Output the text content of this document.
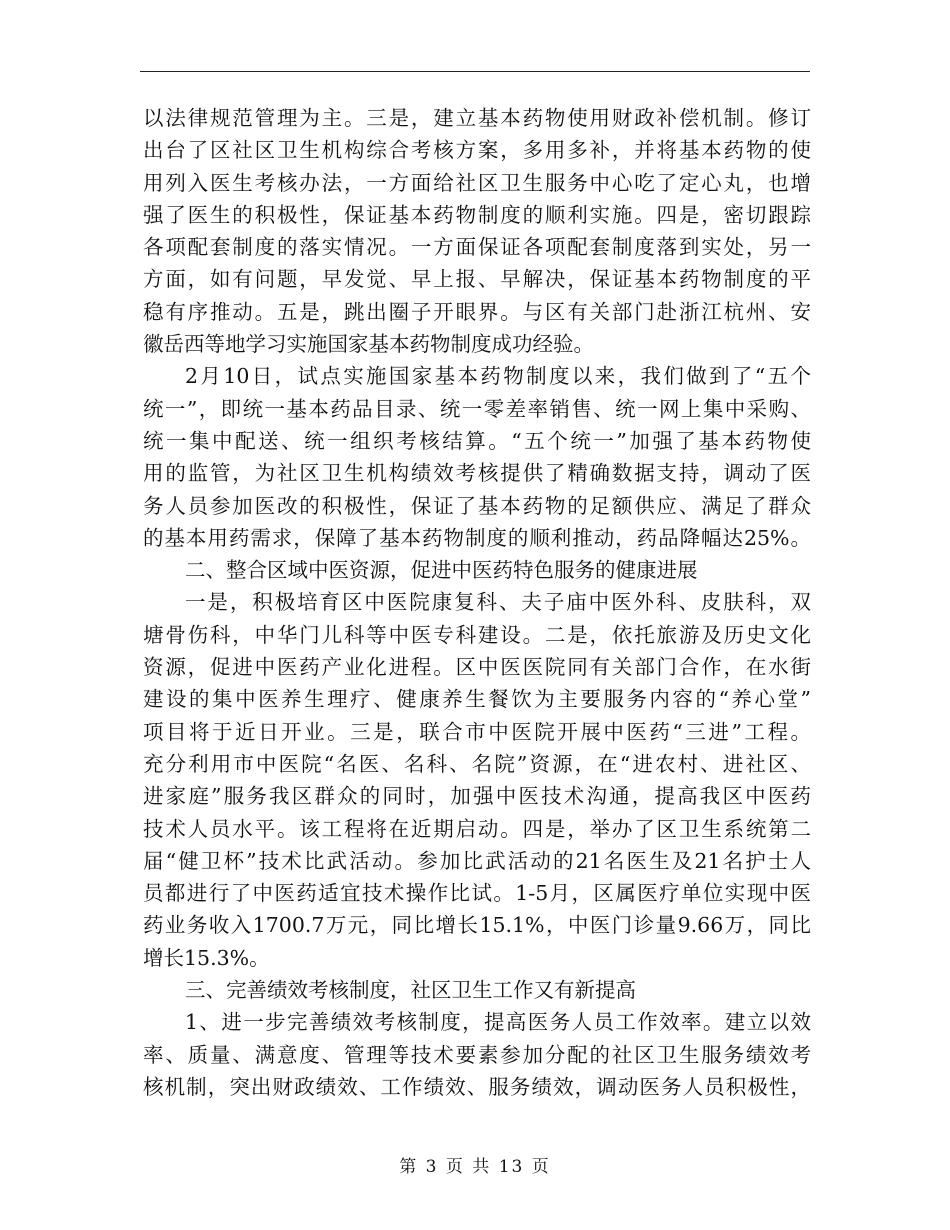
以法律规范管理为主。三是，建立基本药物使用财政补偿机制。修订
出台了区社区卫生机构综合考核方案，多用多补，并将基本药物的使
用列入医生考核办法，一方面给社区卫生服务中心吃了定心丸，也增
强了医生的积极性，保证基本药物制度的顺利实施。四是，密切跟踪
各项配套制度的落实情况。一方面保证各项配套制度落到实处，另一
方面，如有问题，早发觉、早上报、早解决，保证基本药物制度的平
稳有序推动。五是，跳出圈子开眼界。与区有关部门赴浙江杭州、安
徽岳西等地学习实施国家基本药物制度成功经验。
2月10日，试点实施国家基本药物制度以来，我们做到了“五个
统一”，即统一基本药品目录、统一零差率销售、统一网上集中采购、
统一集中配送、统一组织考核结算。“五个统一”加强了基本药物使
用的监管，为社区卫生机构绩效考核提供了精确数据支持，调动了医
务人员参加医改的积极性，保证了基本药物的足额供应、满足了群众
的基本用药需求，保障了基本药物制度的顺利推动，药品降幅达25%。
二、整合区域中医资源，促进中医药特色服务的健康进展
一是，积极培育区中医院康复科、夫子庙中医外科、皮肤科，双
塘骨伤科，中华门儿科等中医专科建设。二是，依托旅游及历史文化
资源，促进中医药产业化进程。区中医医院同有关部门合作，在水街
建设的集中医养生理疗、健康养生餐饮为主要服务内容的“养心堂”
项目将于近日开业。三是，联合市中医院开展中医药“三进”工程。
充分利用市中医院“名医、名科、名院”资源，在“进农村、进社区、
进家庭”服务我区群众的同时，加强中医技术沟通，提高我区中医药
技术人员水平。该工程将在近期启动。四是，举办了区卫生系统第二
届“健卫杯”技术比武活动。参加比武活动的21名医生及21名护士人
员都进行了中医药适宜技术操作比试。1-5月，区属医疗单位实现中医
药业务收入1700.7万元，同比增长15.1%，中医门诊量9.66万，同比
增长15.3%。
三、完善绩效考核制度，社区卫生工作又有新提高
1、进一步完善绩效考核制度，提高医务人员工作效率。建立以效
率、质量、满意度、管理等技术要素参加分配的社区卫生服务绩效考
核机制，突出财政绩效、工作绩效、服务绩效，调动医务人员积极性，
第 3 页 共 13 页
